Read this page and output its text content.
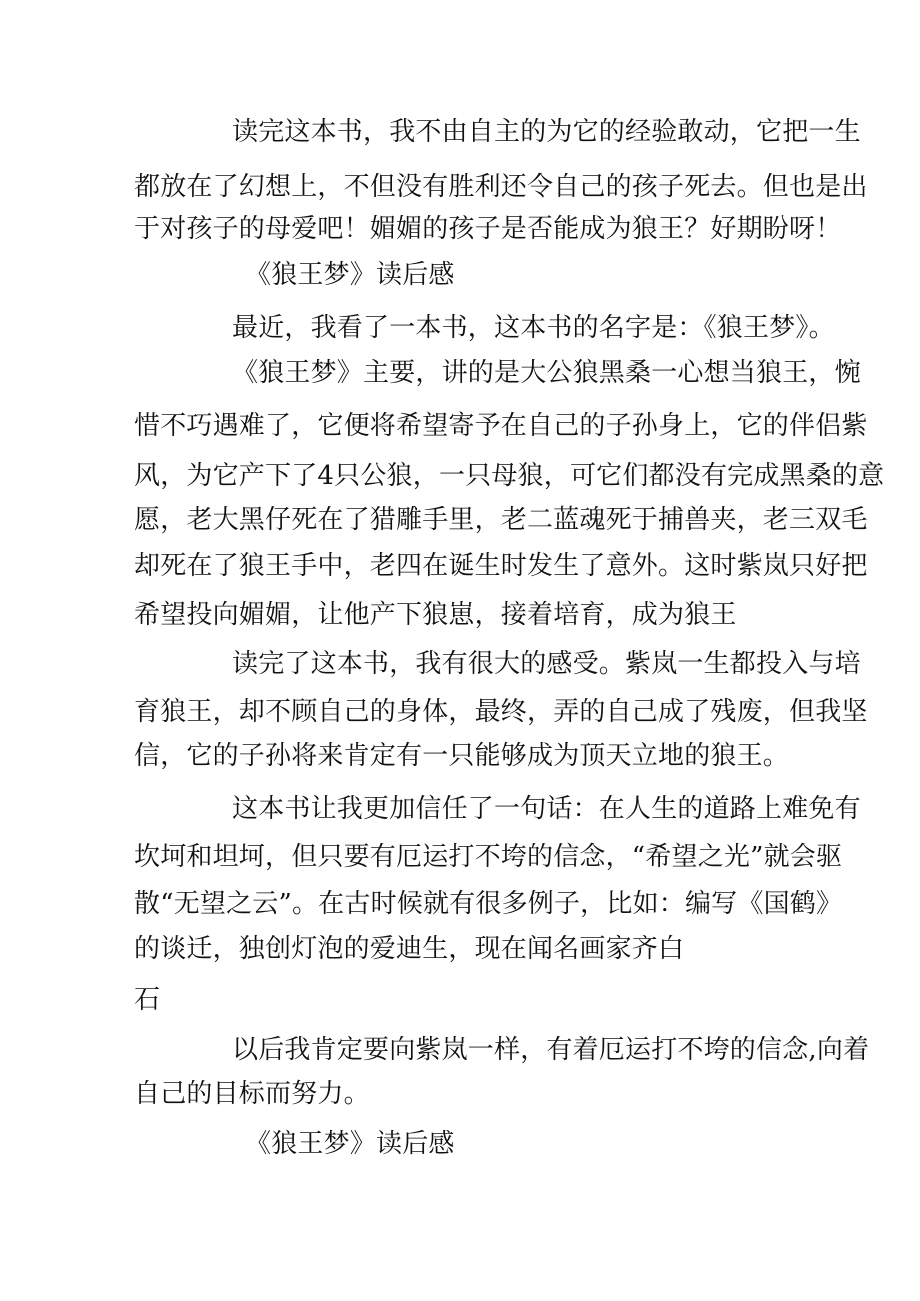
读完这本书，我不由自主的为它的经验敢动，它把一生
都放在了幻想上，不但没有胜利还令自己的孩子死去。但也是出
于对孩子的母爱吧！媚媚的孩子是否能成为狼王？好期盼呀！
《狼王梦》读后感
最近，我看了一本书，这本书的名字是：《狼王梦》。
《狼王梦》主要，讲的是大公狼黑桑一心想当狼王，惋
惜不巧遇难了，它便将希望寄予在自己的子孙身上，它的伴侣紫
风，为它产下了4只公狼，一只母狼，可它们都没有完成黑桑的意
愿，老大黑仔死在了猎雕手里，老二蓝魂死于捕兽夹，老三双毛
却死在了狼王手中，老四在诞生时发生了意外。这时紫岚只好把
希望投向媚媚，让他产下狼崽，接着培育，成为狼王
读完了这本书，我有很大的感受。紫岚一生都投入与培
育狼王，却不顾自己的身体，最终，弄的自己成了残废，但我坚
信，它的子孙将来肯定有一只能够成为顶天立地的狼王。
这本书让我更加信任了一句话：在人生的道路上难免有
坎坷和坦坷，但只要有厄运打不垮的信念，“希望之光”就会驱
散“无望之云”。在古时候就有很多例子，比如：编写《国鹤》
的谈迁，独创灯泡的爱迪生，现在闻名画家齐白
石
以后我肯定要向紫岚一样，有着厄运打不垮的信念,向着
自己的目标而努力。
《狼王梦》读后感
